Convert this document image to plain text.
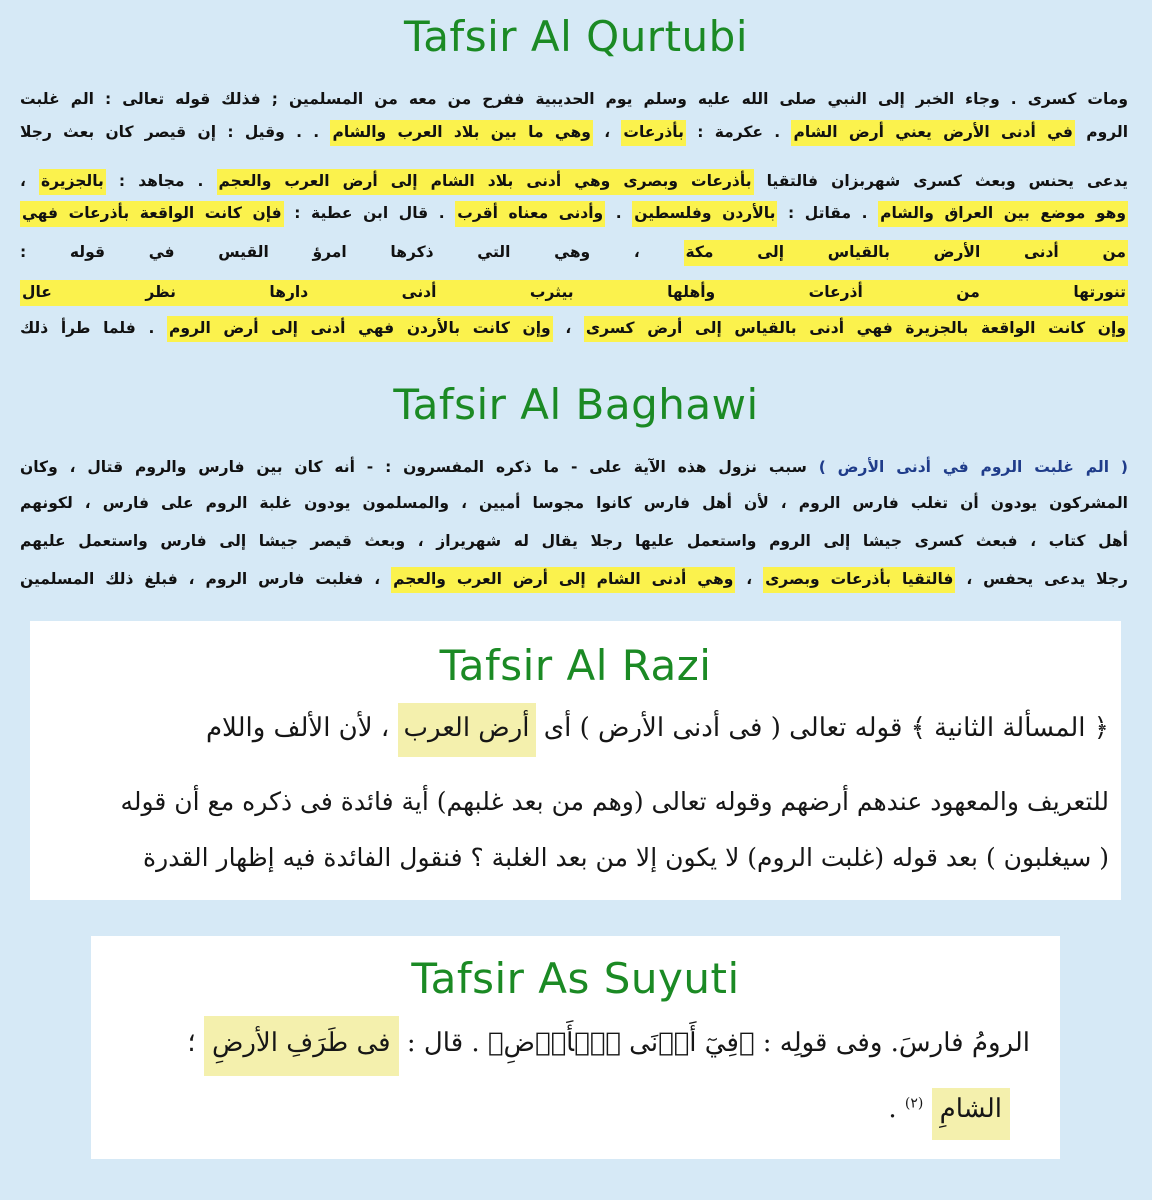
Tafsir Al Qurtubi
ومات كسرى . وجاء الخبر إلى النبي صلى الله عليه وسلم يوم الحديبية ففرح من معه من المسلمين ; فذلك قوله تعالى : الم غلبت
الروم في أدنى الأرض يعني أرض الشام . عكرمة : بأذرعات ، وهي ما بين بلاد العرب والشام . . وقيل : إن قيصر كان بعث رجلا
يدعى يحنس وبعث كسرى شهربزان فالتقيا بأذرعات وبصرى وهي أدنى بلاد الشام إلى أرض العرب والعجم . مجاهد : بالجزيرة ،
وهو موضع بين العراق والشام . مقاتل : بالأردن وفلسطين . وأدنى معناه أقرب . قال ابن عطية : فإن كانت الواقعة بأذرعات فهي
من أدنى الأرض بالقياس إلى مكة ، وهي التي ذكرها امرؤ القيس في قوله :
تنورتها من أذرعات وأهلها بيثرب أدنى دارها نظر عال
وإن كانت الواقعة بالجزيرة فهي أدنى بالقياس إلى أرض كسرى ، وإن كانت بالأردن فهي أدنى إلى أرض الروم . فلما طرأ ذلك
Tafsir Al Baghawi
( الم غلبت الروم في أدنى الأرض ) سبب نزول هذه الآية على - ما ذكره المفسرون : - أنه كان بين فارس والروم قتال ، وكان
المشركون يودون أن تغلب فارس الروم ، لأن أهل فارس كانوا مجوسا أميين ، والمسلمون يودون غلبة الروم على فارس ، لكونهم
أهل كتاب ، فبعث كسرى جيشا إلى الروم واستعمل عليها رجلا يقال له شهريراز ، وبعث قيصر جيشا إلى فارس واستعمل عليهم
رجلا يدعى يحفس ، فالتقيا بأذرعات وبصرى ، وهي أدنى الشام إلى أرض العرب والعجم ، فغلبت فارس الروم ، فبلغ ذلك المسلمين
Tafsir Al Razi
﴿ المسألة الثانية ﴾ قوله تعالى ( فى أدنى الأرض ) أى أرض العرب ، لأن الألف واللام
للتعريف والمعهود عندهم أرضهم وقوله تعالى (وهم من بعد غلبهم) أية فائدة فى ذكره مع أن قوله
( سيغلبون ) بعد قوله (غلبت الروم) لا يكون إلا من بعد الغلبة ؟ فنقول الفائدة فيه إظهار القدرة
Tafsir As Suyuti
الرومُ فارسَ. وفى قولِه : ﴿فِيٓ أَدۡنَى ٱلۡأَرۡضِ﴾ . قال : فى طَرَفِ الأرضِ ؛
الشامِ $^{(٢)}$ .
